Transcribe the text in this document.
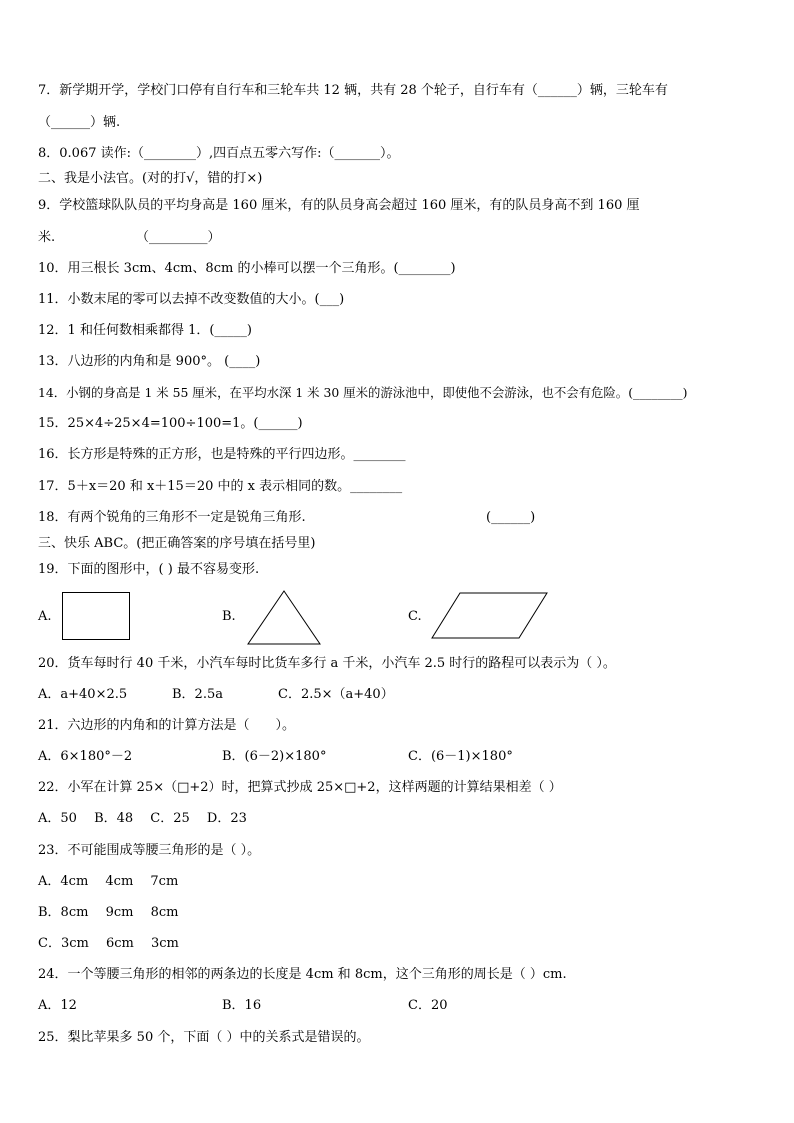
7．新学期开学，学校门口停有自行车和三轮车共 12 辆，共有 28 个轮子，自行车有（______）辆，三轮车有
（______）辆.
8．0.067 读作:（________）,四百点五零六写作:（_______）。
二、我是小法官。(对的打√，错的打×)
9．学校篮球队队员的平均身高是 160 厘米，有的队员身高会超过 160 厘米，有的队员身高不到 160 厘
米.	（_________）
10．用三根长 3cm、4cm、8cm 的小棒可以摆一个三角形。(________)
11．小数末尾的零可以去掉不改变数值的大小。(___)
12．1 和任何数相乘都得 1．(_____)
13．八边形的内角和是 900°。 (____)
14．小钢的身高是 1 米 55 厘米，在平均水深 1 米 30 厘米的游泳池中，即使他不会游泳，也不会有危险。(________)
15．25×4÷25×4=100÷100=1。(______)
16．长方形是特殊的正方形，也是特殊的平行四边形。________
17．5＋x＝20 和 x＋15＝20 中的 x 表示相同的数。________
18．有两个锐角的三角形不一定是锐角三角形.	(______)
三、快乐 ABC。(把正确答案的序号填在括号里)
19．下面的图形中，( ) 最不容易变形.
A.	B.	C.
20．货车每时行 40 千米，小汽车每时比货车多行 a 千米，小汽车 2.5 时行的路程可以表示为（ ）。
A．a+40×2.5	B．2.5a	C．2.5×（a+40）
21．六边形的内角和的计算方法是（　　）。
A．6×180°－2	B．(6－2)×180°	C．(6－1)×180°
22．小军在计算 25×（□+2）时，把算式抄成 25×□+2，这样两题的计算结果相差（ ）
A．50　 B．48　 C．25　 D．23
23．不可能围成等腰三角形的是（ ）。
A．4cm　 4cm　 7cm
B．8cm　 9cm　 8cm
C．3cm　 6cm　 3cm
24．一个等腰三角形的相邻的两条边的长度是 4cm 和 8cm，这个三角形的周长是（ ）cm.
A．12	B．16	C．20
25．梨比苹果多 50 个，下面（ ）中的关系式是错误的。
